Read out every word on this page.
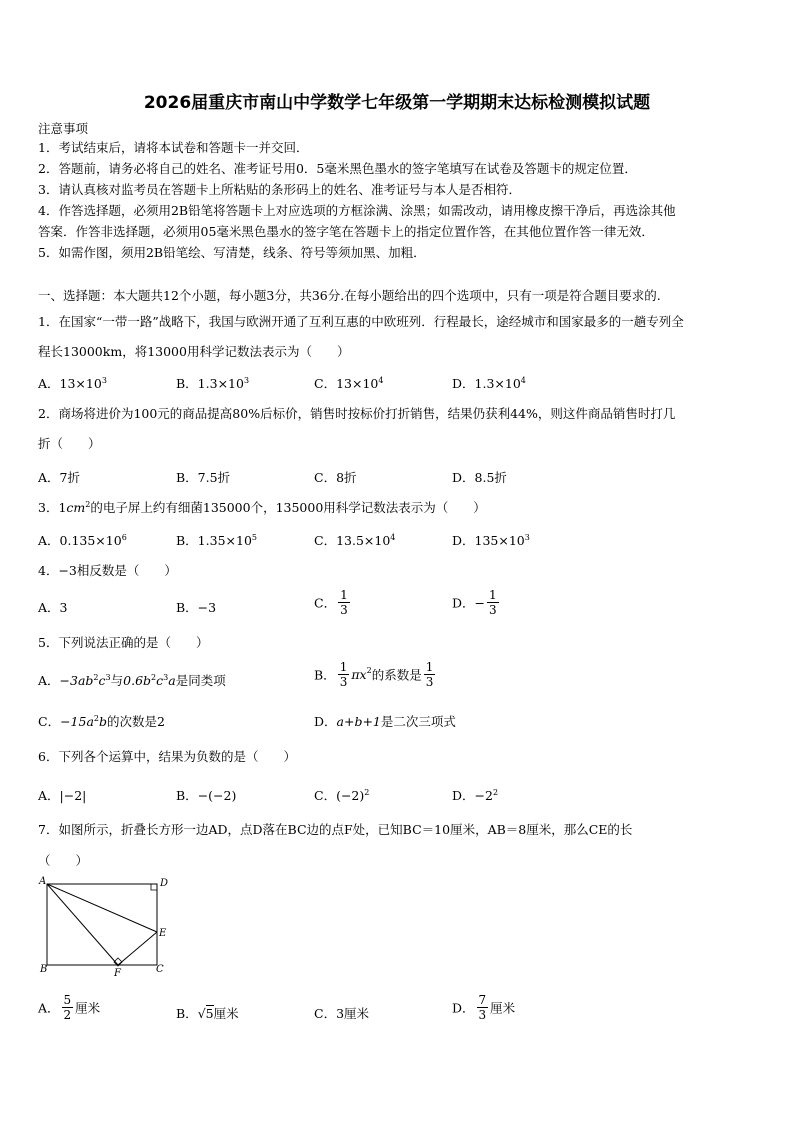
2026届重庆市南山中学数学七年级第一学期期末达标检测模拟试题
注意事项
1．考试结束后，请将本试卷和答题卡一并交回．
2．答题前，请务必将自己的姓名、准考证号用0．5毫米黑色墨水的签字笔填写在试卷及答题卡的规定位置．
3．请认真核对监考员在答题卡上所粘贴的条形码上的姓名、准考证号与本人是否相符．
4．作答选择题，必须用2B铅笔将答题卡上对应选项的方框涂满、涂黑；如需改动，请用橡皮擦干净后，再选涂其他
答案．作答非选择题，必须用05毫米黑色墨水的签字笔在答题卡上的指定位置作答，在其他位置作答一律无效．
5．如需作图，须用2B铅笔绘、写清楚，线条、符号等须加黑、加粗．
一、选择题：本大题共12个小题，每小题3分，共36分.在每小题给出的四个选项中，只有一项是符合题目要求的.
1．在国家“一带一路”战略下，我国与欧洲开通了互利互惠的中欧班列．行程最长，途经城市和国家最多的一趟专列全
程长13000km，将13000用科学记数法表示为（　　）
A．$13\times 10^3$	B．$1.3\times 10^3$	C．$13\times 10^4$	D．$1.3\times 10^4$
2．商场将进价为100元的商品提高80%后标价，销售时按标价打折销售，结果仍获利44%，则这件商品销售时打几
折（　　）
A．7折	B．7.5折	C．8折	D．8.5折
3．$1cm^2$的电子屏上约有细菌135000个，135000用科学记数法表示为（　　）
A．$0.135\times 10^6$	B．$1.35\times 10^5$	C．$13.5\times 10^4$	D．$135\times 10^3$
4．−3相反数是（　　）
A．3	B．−3	C． $\frac{1}{3}$	D．− $\frac{1}{3}$
5．下列说法正确的是（　　）
A．$-3ab^2c^3$与$0.6b^2c^3a$是同类项	B． $\frac{1}{3} \pi x^2$的系数是 $\frac{1}{3}$
C．$-15a^2b$的次数是2	D．a+b+1是二次三项式
6．下列各个运算中，结果为负数的是（　　）
A．|−2|	B．−(−2)	C．$(-2)^2$	D．$-2^2$
7．如图所示，折叠长方形一边AD，点D落在BC边的点F处，已知BC＝10厘米，AB＝8厘米，那么CE的长
（　　）
A	D
E
B	F	C
A． $\frac{5}{2}$ 厘米	B．√5厘米	C．3厘米	D． $\frac{7}{3}$ 厘米
